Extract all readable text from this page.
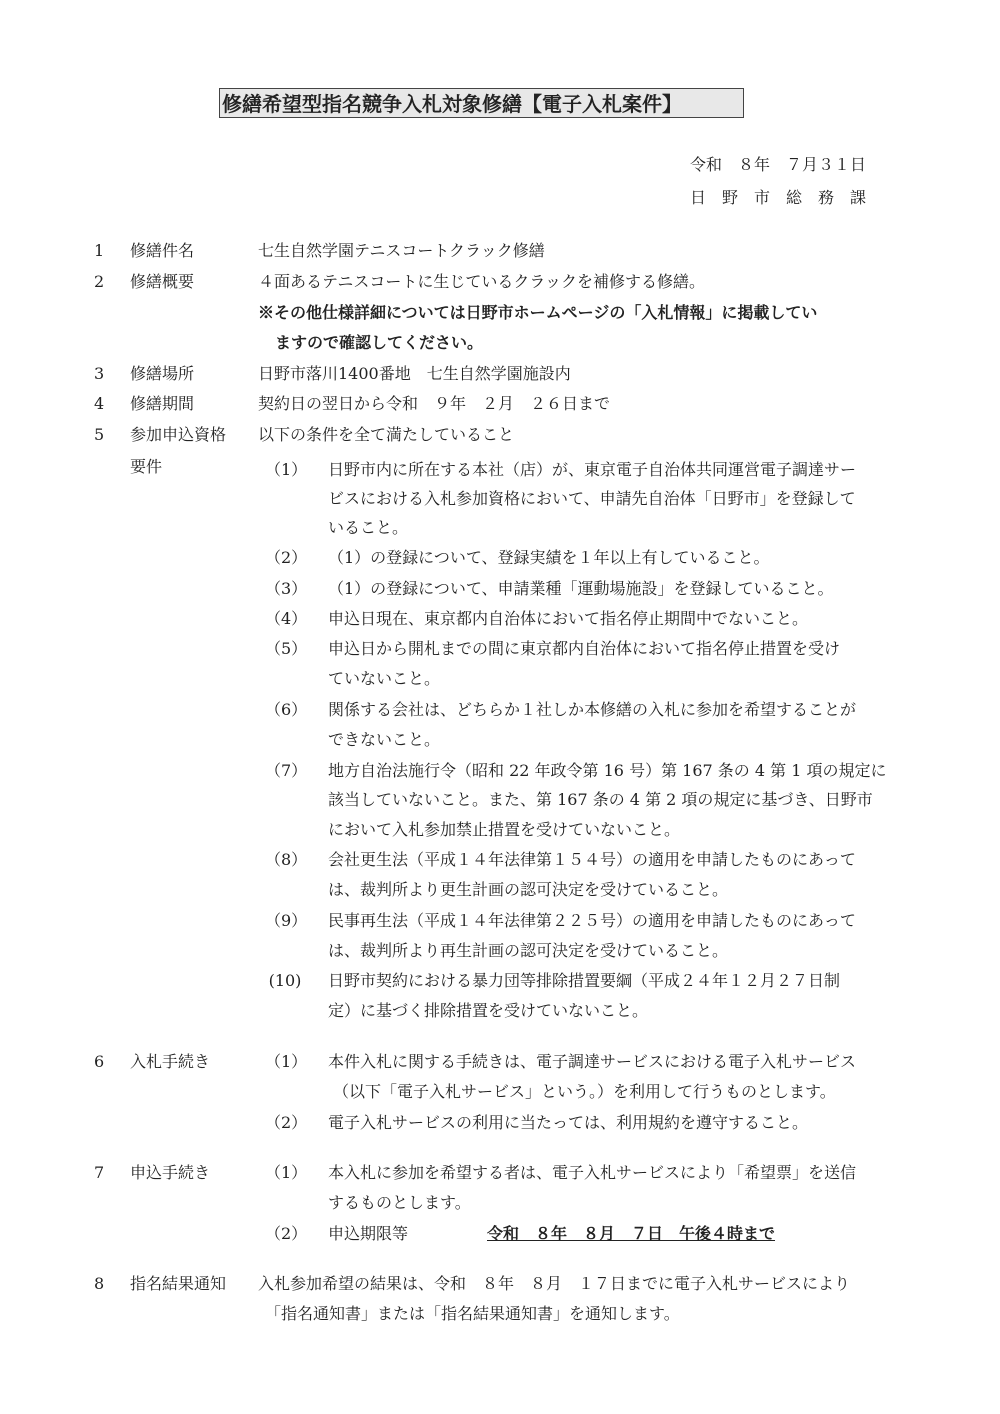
修繕希望型指名競争入札対象修繕【電子入札案件】
令和　８年　７月３１日
日　野　市　総　務　課
1 修繕件名	七生自然学園テニスコートクラック修繕
2 修繕概要	４面あるテニスコートに生じているクラックを補修する修繕。
※その他仕様詳細については日野市ホームページの「入札情報」に掲載してい
ますので確認してください。
3 修繕場所	日野市落川1400番地　七生自然学園施設内
4 修繕期間	契約日の翌日から令和　９年　２月　２６日まで
5 参加申込資格 以下の条件を全て満たしていること
要件	（1） 日野市内に所在する本社（店）が、東京電子自治体共同運営電子調達サー
ビスにおける入札参加資格において、申請先自治体「日野市」を登録して
いること。
（2） （1）の登録について、登録実績を１年以上有していること。
（3） （1）の登録について、申請業種「運動場施設」を登録していること。
（4） 申込日現在、東京都内自治体において指名停止期間中でないこと。
（5） 申込日から開札までの間に東京都内自治体において指名停止措置を受け
ていないこと。
（6） 関係する会社は、どちらか１社しか本修繕の入札に参加を希望することが
できないこと。
（7） 地方自治法施行令（昭和 22 年政令第 16 号）第 167 条の 4 第 1 項の規定に
該当していないこと。また、第 167 条の 4 第 2 項の規定に基づき、日野市
において入札参加禁止措置を受けていないこと。
（8） 会社更生法（平成１４年法律第１５４号）の適用を申請したものにあって
は、裁判所より更生計画の認可決定を受けていること。
（9） 民事再生法（平成１４年法律第２２５号）の適用を申請したものにあって
は、裁判所より再生計画の認可決定を受けていること。
(10) 日野市契約における暴力団等排除措置要綱（平成２４年１２月２７日制
定）に基づく排除措置を受けていないこと。
6 入札手続き	（1） 本件入札に関する手続きは、電子調達サービスにおける電子入札サービス
（以下「電子入札サービス」という。）を利用して行うものとします。
（2） 電子入札サービスの利用に当たっては、利用規約を遵守すること。
7 申込手続き	（1） 本入札に参加を希望する者は、電子入札サービスにより「希望票」を送信
するものとします。
（2） 申込期限等	令和　８年　８月　７日　午後４時まで
8 指名結果通知 入札参加希望の結果は、令和　８年　８月　１７日までに電子入札サービスにより
「指名通知書」または「指名結果通知書」を通知します。
